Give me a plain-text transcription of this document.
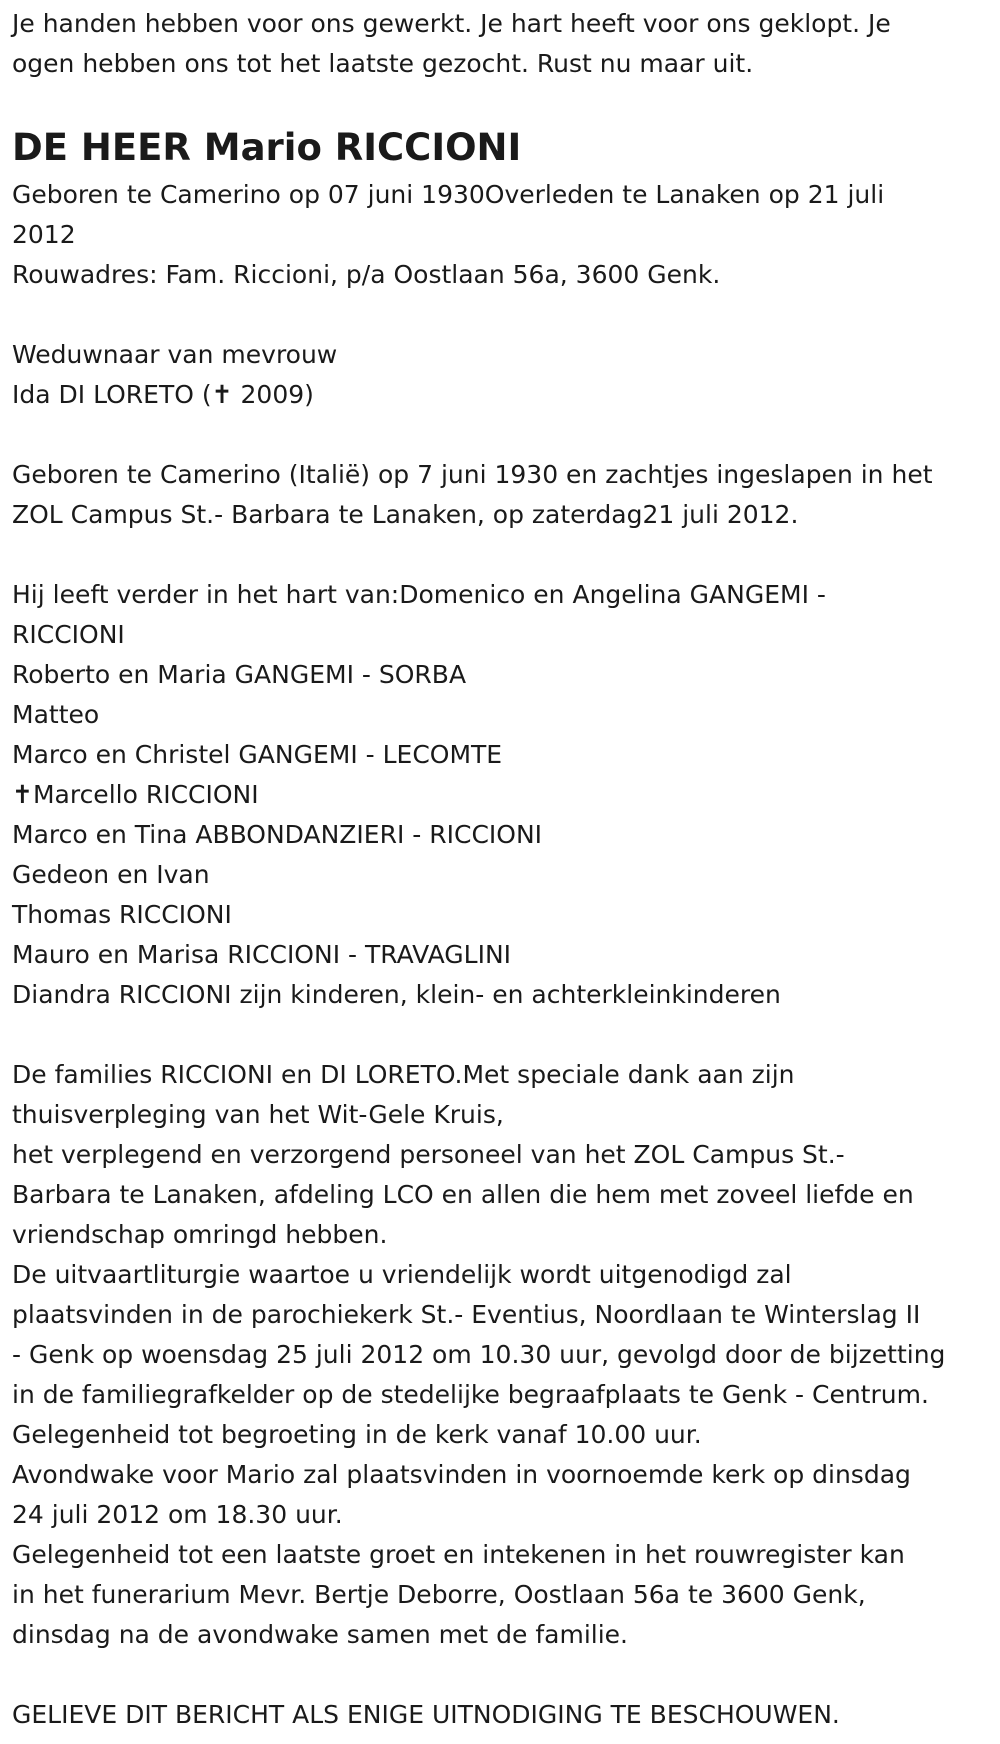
Je handen hebben voor ons gewerkt. Je hart heeft voor ons geklopt. Je
ogen hebben ons tot het laatste gezocht. Rust nu maar uit.
DE HEER Mario RICCIONI
Geboren te Camerino op 07 juni 1930Overleden te Lanaken op 21 juli
2012
Rouwadres: Fam. Riccioni, p/a Oostlaan 56a, 3600 Genk.
Weduwnaar van mevrouw
Ida DI LORETO (✝ 2009)
Geboren te Camerino (Italië) op 7 juni 1930 en zachtjes ingeslapen in het
ZOL Campus St.- Barbara te Lanaken, op zaterdag21 juli 2012.
Hij leeft verder in het hart van:Domenico en Angelina GANGEMI -
RICCIONI
Roberto en Maria GANGEMI - SORBA
Matteo
Marco en Christel GANGEMI - LECOMTE
✝Marcello RICCIONI
Marco en Tina ABBONDANZIERI - RICCIONI
Gedeon en Ivan
Thomas RICCIONI
Mauro en Marisa RICCIONI - TRAVAGLINI
Diandra RICCIONI zijn kinderen, klein- en achterkleinkinderen
De families RICCIONI en DI LORETO.Met speciale dank aan zijn
thuisverpleging van het Wit-Gele Kruis,
het verplegend en verzorgend personeel van het ZOL Campus St.-
Barbara te Lanaken, afdeling LCO en allen die hem met zoveel liefde en
vriendschap omringd hebben.
De uitvaartliturgie waartoe u vriendelijk wordt uitgenodigd zal
plaatsvinden in de parochiekerk St.- Eventius, Noordlaan te Winterslag II
- Genk op woensdag 25 juli 2012 om 10.30 uur, gevolgd door de bijzetting
in de familiegrafkelder op de stedelijke begraafplaats te Genk - Centrum.
Gelegenheid tot begroeting in de kerk vanaf 10.00 uur.
Avondwake voor Mario zal plaatsvinden in voornoemde kerk op dinsdag
24 juli 2012 om 18.30 uur.
Gelegenheid tot een laatste groet en intekenen in het rouwregister kan
in het funerarium Mevr. Bertje Deborre, Oostlaan 56a te 3600 Genk,
dinsdag na de avondwake samen met de familie.
GELIEVE DIT BERICHT ALS ENIGE UITNODIGING TE BESCHOUWEN.
